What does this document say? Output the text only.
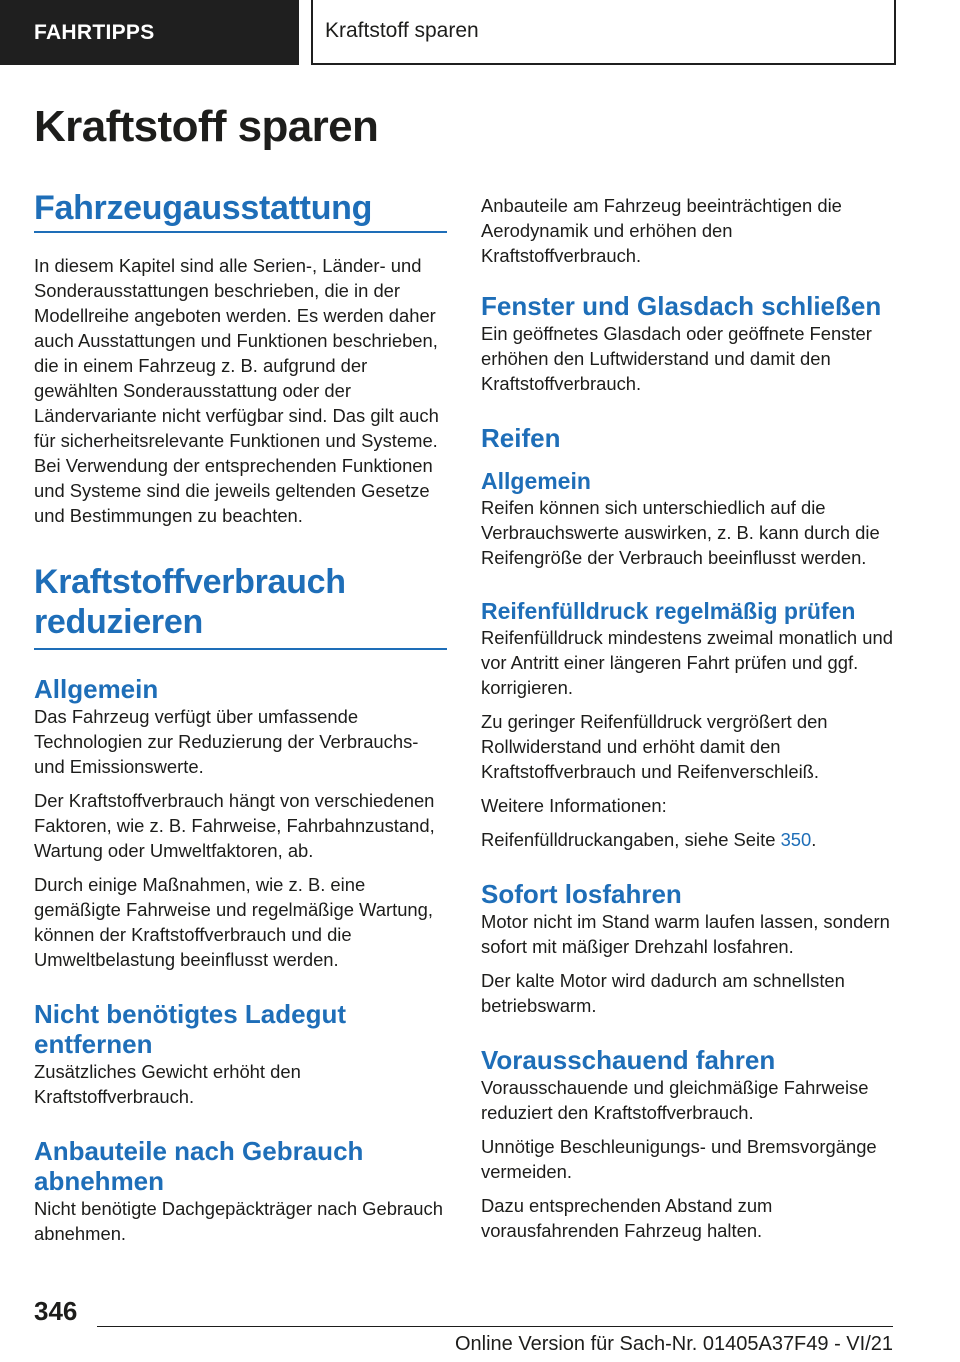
FAHRTIPPS	Kraftstoff sparen
Kraftstoff sparen
Fahrzeugausstattung

In diesem Kapitel sind alle Serien-, Länder- und Sonderausstattungen beschrieben, die in der Modellreihe angeboten werden. Es werden daher auch Ausstattungen und Funktionen beschrieben, die in einem Fahrzeug z. B. aufgrund der gewählten Sonderausstattung oder der Ländervariante nicht verfügbar sind. Das gilt auch für sicherheitsrelevante Funktionen und Systeme. Bei Verwendung der entsprechenden Funktionen und Systeme sind die jeweils geltenden Gesetze und Bestimmungen zu beachten.

Kraftstoffverbrauch
reduzieren
Allgemein

Das Fahrzeug verfügt über umfassende Technologien zur Reduzierung der Verbrauchs- und Emissionswerte.

Der Kraftstoffverbrauch hängt von verschiedenen Faktoren, wie z. B. Fahrweise, Fahrbahnzustand, Wartung oder Umweltfaktoren, ab.

Durch einige Maßnahmen, wie z. B. eine gemäßigte Fahrweise und regelmäßige Wartung, können der Kraftstoffverbrauch und die Umweltbelastung beeinflusst werden.

Nicht benötigtes Ladegut entfernen

Zusätzliches Gewicht erhöht den Kraftstoffverbrauch.

Anbauteile nach Gebrauch abnehmen

Nicht benötigte Dachgepäckträger nach Gebrauch abnehmen.

Anbauteile am Fahrzeug beeinträchtigen die Aerodynamik und erhöhen den Kraftstoffverbrauch.

Fenster und Glasdach schließen

Ein geöffnetes Glasdach oder geöffnete Fenster erhöhen den Luftwiderstand und damit den Kraftstoffverbrauch.

Reifen
Allgemein

Reifen können sich unterschiedlich auf die Verbrauchswerte auswirken, z. B. kann durch die Reifengröße der Verbrauch beeinflusst werden.

Reifenfülldruck regelmäßig prüfen

Reifenfülldruck mindestens zweimal monatlich und vor Antritt einer längeren Fahrt prüfen und ggf. korrigieren.

Zu geringer Reifenfülldruck vergrößert den Rollwiderstand und erhöht damit den Kraftstoffverbrauch und Reifenverschleiß.

Weitere Informationen:

Reifenfülldruckangaben, siehe Seite 350.

Sofort losfahren

Motor nicht im Stand warm laufen lassen, sondern sofort mit mäßiger Drehzahl losfahren.

Der kalte Motor wird dadurch am schnellsten betriebswarm.

Vorausschauend fahren

Vorausschauende und gleichmäßige Fahrweise reduziert den Kraftstoffverbrauch.

Unnötige Beschleunigungs- und Bremsvorgänge vermeiden.

Dazu entsprechenden Abstand zum vorausfahrenden Fahrzeug halten.

346
Online Version für Sach-Nr. 01405A37F49 - VI/21
